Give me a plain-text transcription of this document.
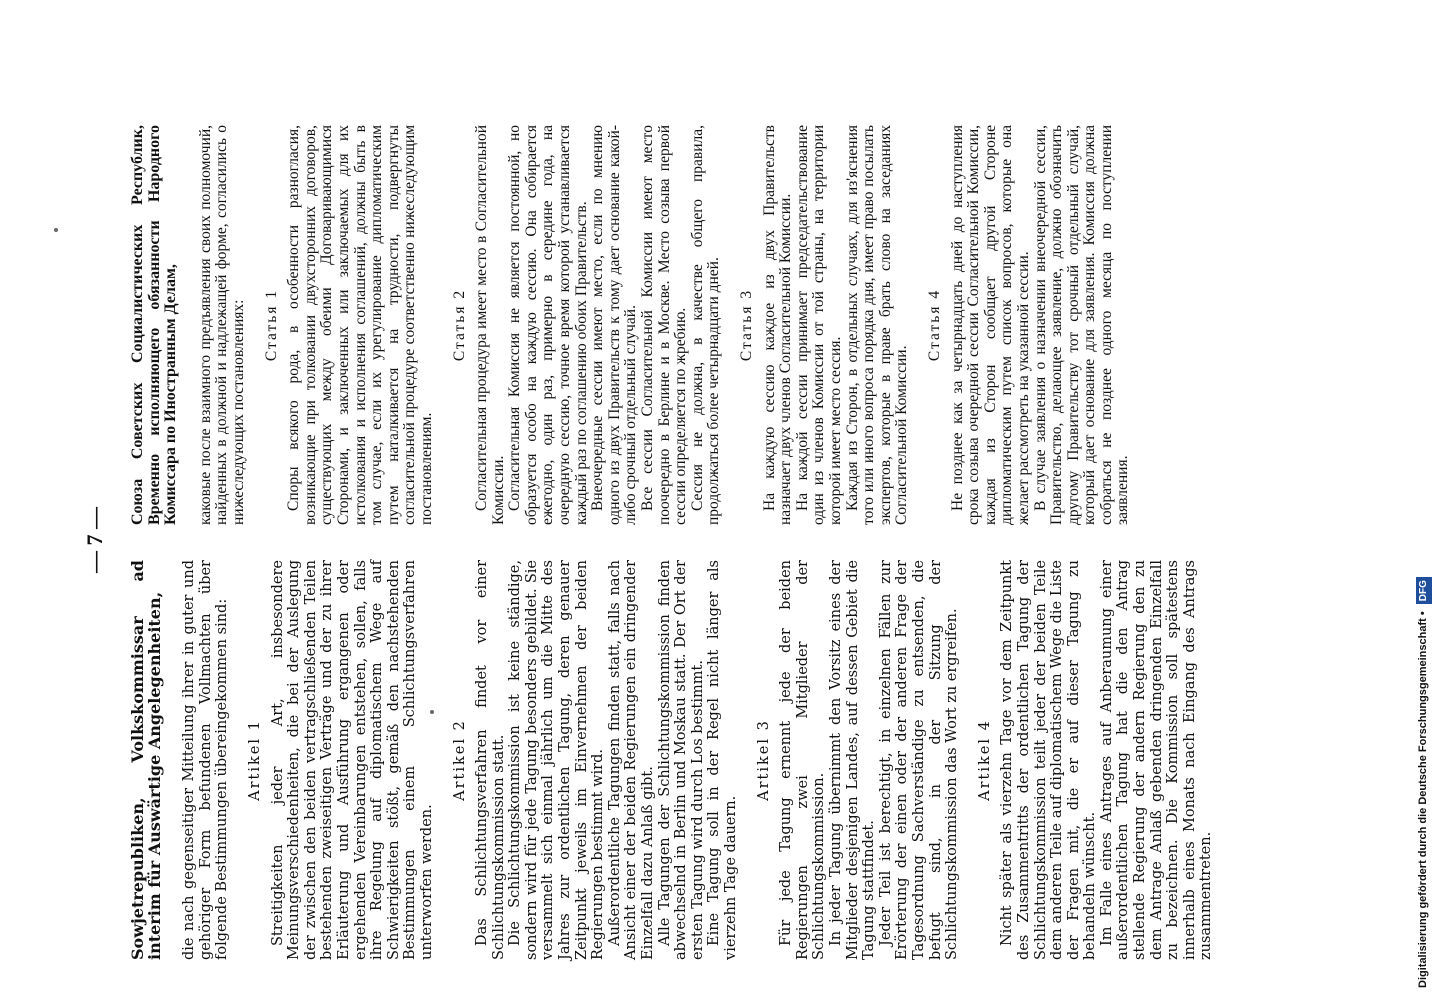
— 7 —

Sowjetrepubliken, Volkskommissar ad interim für Auswärtige Angelegenheiten, die nach gegenseitiger Mitteilung ihrer in guter und gehöriger Form befundenen Vollmachten über folgende Bestimmungen übereingekommen sind: Artikel 1 Streitigkeiten jeder Art, insbesondere Meinungsverschiedenheiten, die bei der Auslegung der zwischen den beiden vertragschließenden Teilen bestehenden zweiseitigen Verträge und der zu ihrer Erläuterung und Ausführung ergangenen oder ergehenden Vereinbarungen entstehen, sollen, falls ihre Regelung auf diplomatischem Wege auf Schwierigkeiten stößt, gemäß den nachstehenden Bestimmungen einem Schlichtungsverfahren unterworfen werden.

Artikel 2 Das Schlichtungsverfahren findet vor einer Schlichtungskommission statt. Die Schlichtungskommission ist keine ständige, sondern wird für jede Tagung besonders gebildet. Sie versammelt sich einmal jährlich um die Mitte des Jahres zur ordentlichen Tagung, deren genauer Zeitpunkt jeweils im Einvernehmen der beiden Regierungen bestimmt wird. Außerordentliche Tagungen finden statt, falls nach Ansicht einer der beiden Regierungen ein dringender Einzelfall dazu Anlaß gibt. Alle Tagungen der Schlichtungskommission finden abwechselnd in Berlin und Moskau statt. Der Ort der ersten Tagung wird durch Los bestimmt. Eine Tagung soll in der Regel nicht länger als vierzehn Tage dauern.

Artikel 3 Für jede Tagung ernennt jede der beiden Regierungen zwei Mitglieder der Schlichtungskommission. In jeder Tagung übernimmt den Vorsitz eines der Mitglieder desjenigen Landes, auf dessen Gebiet die Tagung stattfindet. Jeder Teil ist berechtigt, in einzelnen Fällen zur Erörterung der einen oder der anderen Frage der Tagesordnung Sachverständige zu entsenden, die befugt sind, in der Sitzung der Schlichtungskommission das Wort zu ergreifen. Artikel 4 Nicht später als vierzehn Tage vor dem Zeitpunkt des Zusammentritts der ordentlichen Tagung der Schlichtungskommission teilt jeder der beiden Teile dem anderen Teile auf diplomatischem Wege die Liste der Fragen mit, die er auf dieser Tagung zu behandeln wünscht. Im Falle eines Antrages auf Anberaumung einer außerordentlichen Tagung hat die den Antrag stellende Regierung der andern Regierung den zu dem Antrage Anlaß gebenden dringenden Einzelfall zu bezeichnen. Die Kommission soll spätestens innerhalb eines Monats nach Eingang des Antrags zusammentreten.

Союза Советских Социалистических Республик, Временно исполняющего обязанности Народного Комиссара по Иностранным Делам, каковые после взаимного предъявления своих полномочий, найденных в должной и надлежащей форме, согласились о нижеследующих постановлениях: Статья 1 Споры всякого рода, в особенности разногласия, возникающие при толковании двухсторонних договоров, существующих между обеими Договаривающимися Сторонами, и заключенных или заключаемых для их истолкования и исполнения соглашений, должны быть в том случае, если их урегулирование дипломатическим путем наталкивается на трудности, подвергнуты согласительной процедуре соответственно нижеследующим постановлениям.

Статья 2 Согласительная процедура имеет место в Согласительной Комиссии. Согласительная Комиссия не является постоянной, но образуется особо на каждую сессию. Она собирается ежегодно, один раз, примерно в середине года, на очередную сессию, точное время которой устанавливается каждый раз по соглашению обоих Правительств. Внеочередные сессии имеют место, если по мнению одного из двух Правительств к тому дает основание какой-либо срочный отдельный случай. Все сессии Согласительной Комиссии имеют место поочередно в Берлине и в Москве. Место созыва первой сессии определяется по жребию. Сессия не должна, в качестве общего правила, продолжаться более четырнадцати дней. Статья 3 На каждую сессию каждое из двух Правительств назначает двух членов Согласительной Комиссии. На каждой сессии принимает председательствование один из членов Комиссии от той страны, на территории которой имеет место сессия. Каждая из Сторон, в отдельных случаях, для из'яснения того или иного вопроса порядка дня, имеет право посылать экспертов, которые в праве брать слово на заседаниях Согласительной Комиссии.

Статья 4 Не позднее как за четырнадцать дней до наступления срока созыва очередной сессии Согласительной Комиссии, каждая из Сторон сообщает другой Стороне дипломатическим путем список вопросов, которые она желает рассмотреть на указанной сессии. В случае заявления о назначении внеочередной сессии, Правительство, делающее заявление, должно обозначить другому Правительству тот срочный отдельный случай, который дает основание для заявления. Комиссия должна собраться не позднее одного месяца по поступлении заявления.

Digitalisierung gefördert durch die Deutsche Forschungsgemeinschaft • DFG
